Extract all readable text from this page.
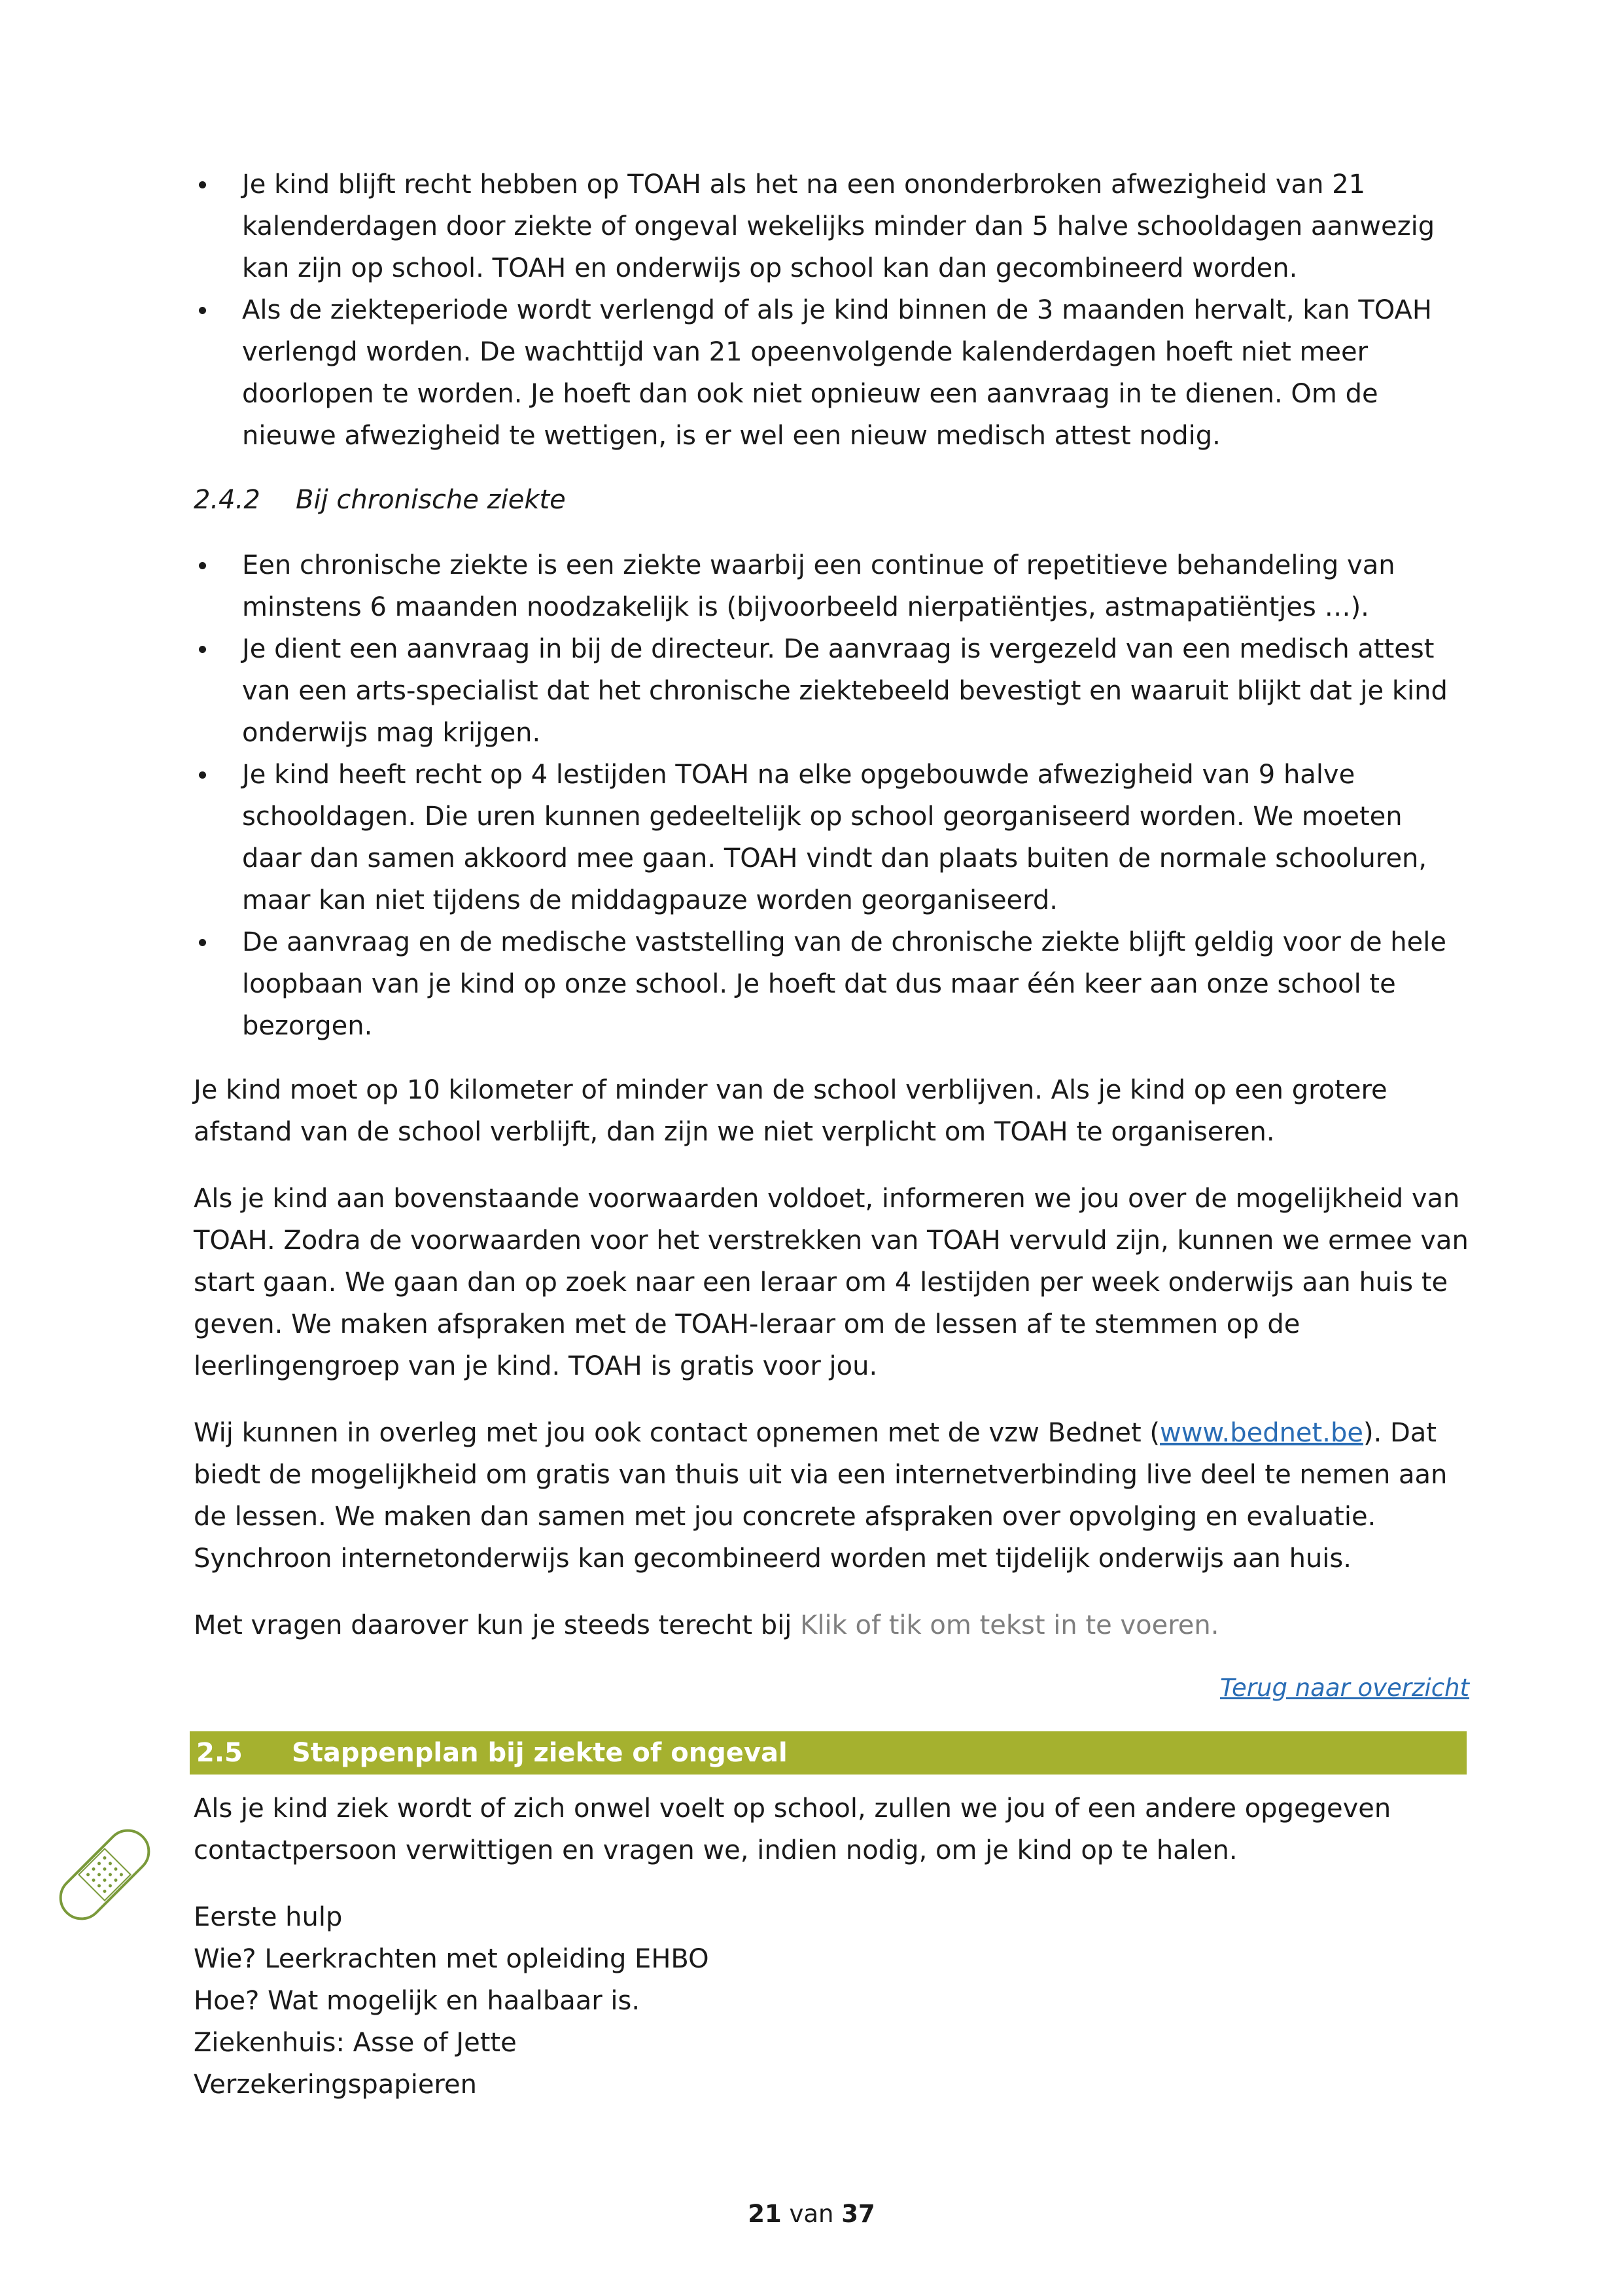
Je kind blijft recht hebben op TOAH als het na een ononderbroken afwezigheid van 21 kalenderdagen door ziekte of ongeval wekelijks minder dan 5 halve schooldagen aanwezig kan zijn op school. TOAH en onderwijs op school kan dan gecombineerd worden.
Als de ziekteperiode wordt verlengd of als je kind binnen de 3 maanden hervalt, kan TOAH verlengd worden. De wachttijd van 21 opeenvolgende kalenderdagen hoeft niet meer doorlopen te worden. Je hoeft dan ook niet opnieuw een aanvraag in te dienen. Om de nieuwe afwezigheid te wettigen, is er wel een nieuw medisch attest nodig.
2.4.2	Bij chronische ziekte
Een chronische ziekte is een ziekte waarbij een continue of repetitieve behandeling van minstens 6 maanden noodzakelijk is (bijvoorbeeld nierpatiëntjes, astmapatiëntjes …).
Je dient een aanvraag in bij de directeur. De aanvraag is vergezeld van een medisch attest van een arts-specialist dat het chronische ziektebeeld bevestigt en waaruit blijkt dat je kind onderwijs mag krijgen.
Je kind heeft recht op 4 lestijden TOAH na elke opgebouwde afwezigheid van 9 halve schooldagen. Die uren kunnen gedeeltelijk op school georganiseerd worden. We moeten daar dan samen akkoord mee gaan. TOAH vindt dan plaats buiten de normale schooluren, maar kan niet tijdens de middagpauze worden georganiseerd.
De aanvraag en de medische vaststelling van de chronische ziekte blijft geldig voor de hele loopbaan van je kind op onze school. Je hoeft dat dus maar één keer aan onze school te bezorgen.

Je kind moet op 10 kilometer of minder van de school verblijven. Als je kind op een grotere afstand van de school verblijft, dan zijn we niet verplicht om TOAH te organiseren.

Als je kind aan bovenstaande voorwaarden voldoet, informeren we jou over de mogelijkheid van TOAH. Zodra de voorwaarden voor het verstrekken van TOAH vervuld zijn, kunnen we ermee van start gaan. We gaan dan op zoek naar een leraar om 4 lestijden per week onderwijs aan huis te geven. We maken afspraken met de TOAH-leraar om de lessen af te stemmen op de leerlingengroep van je kind. TOAH is gratis voor jou.

Wij kunnen in overleg met jou ook contact opnemen met de vzw Bednet (www.bednet.be). Dat biedt de mogelijkheid om gratis van thuis uit via een internetverbinding live deel te nemen aan de lessen. We maken dan samen met jou concrete afspraken over opvolging en evaluatie. Synchroon internetonderwijs kan gecombineerd worden met tijdelijk onderwijs aan huis.

Met vragen daarover kun je steeds terecht bij Klik of tik om tekst in te voeren.

Terug naar overzicht
2.5	Stappenplan bij ziekte of ongeval

Als je kind ziek wordt of zich onwel voelt op school, zullen we jou of een andere opgegeven contactpersoon verwittigen en vragen we, indien nodig, om je kind op te halen.

Eerste hulp

Wie? Leerkrachten met opleiding EHBO

Hoe? Wat mogelijk en haalbaar is.

Ziekenhuis: Asse of Jette

Verzekeringspapieren

21 van 37
